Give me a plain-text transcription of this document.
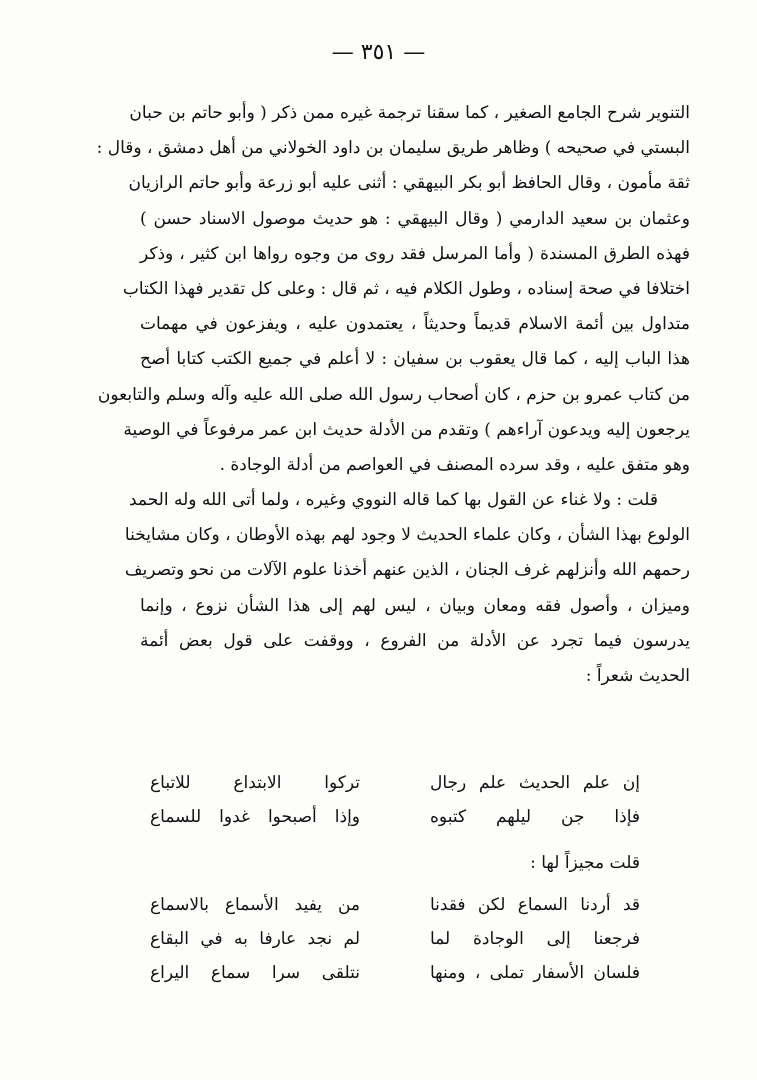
— ٣٥١ —
التنوير شرح الجامع الصغير ، كما سقنا ترجمة غيره ممن ذكر ( وأبو حاتم بن حبان
البستي في صحيحه ) وظاهر طريق سليمان بن داود الخولاني من أهل دمشق ، وقال :
ثقة مأمون ، وقال الحافظ أبو بكر البيهقي : أثنى عليه أبو زرعة وأبو حاتم الرازيان
وعثمان بن سعيد الدارمي ( وقال البيهقي : هو حديث موصول الاسناد حسن )
فهذه الطرق المسندة ( وأما المرسل فقد روى من وجوه رواها ابن كثير ، وذكر
اختلافا في صحة إسناده ، وطول الكلام فيه ، ثم قال : وعلى كل تقدير فهذا الكتاب
متداول بين أئمة الاسلام قديماً وحديثاً ، يعتمدون عليه ، ويفزعون في مهمات
هذا الباب إليه ، كما قال يعقوب بن سفيان : لا أعلم في جميع الكتب كتابا أصح
من كتاب عمرو بن حزم ، كان أصحاب رسول الله صلى الله عليه وآله وسلم والتابعون
يرجعون إليه ويدعون آراءهم ) وتقدم من الأدلة حديث ابن عمر مرفوعاً في الوصية
وهو متفق عليه ، وقد سرده المصنف في العواصم من أدلة الوجادة .
قلت : ولا غناء عن القول بها كما قاله النووي وغيره ، ولما أتى الله وله الحمد
الولوع بهذا الشأن ، وكان علماء الحديث لا وجود لهم بهذه الأوطان ، وكان مشايخنا
رحمهم الله وأنزلهم غرف الجنان ، الذين عنهم أخذنا علوم الآلات من نحو وتصريف
وميزان ، وأصول فقه ومعان وبيان ، ليس لهم إلى هذا الشأن نزوع ، وإنما
يدرسون فيما تجرد عن الأدلة من الفروع ، ووقفت على قول بعض أئمة
الحديث شعراً :
إن علم الحديث علم رجال
تركوا الابتداع للاتباع
فإذا جن ليلهم كتبوه
وإذا أصبحوا غدوا للسماع
قلت مجيزاً لها :
قد أردنا السماع لكن فقدنا
من يفيد الأسماع بالاسماع
فرجعنا إلى الوجادة لما
لم نجد عارفا به في البقاع
فلسان الأسفار تملى ، ومنها
نتلقى سرا سماع اليراع
